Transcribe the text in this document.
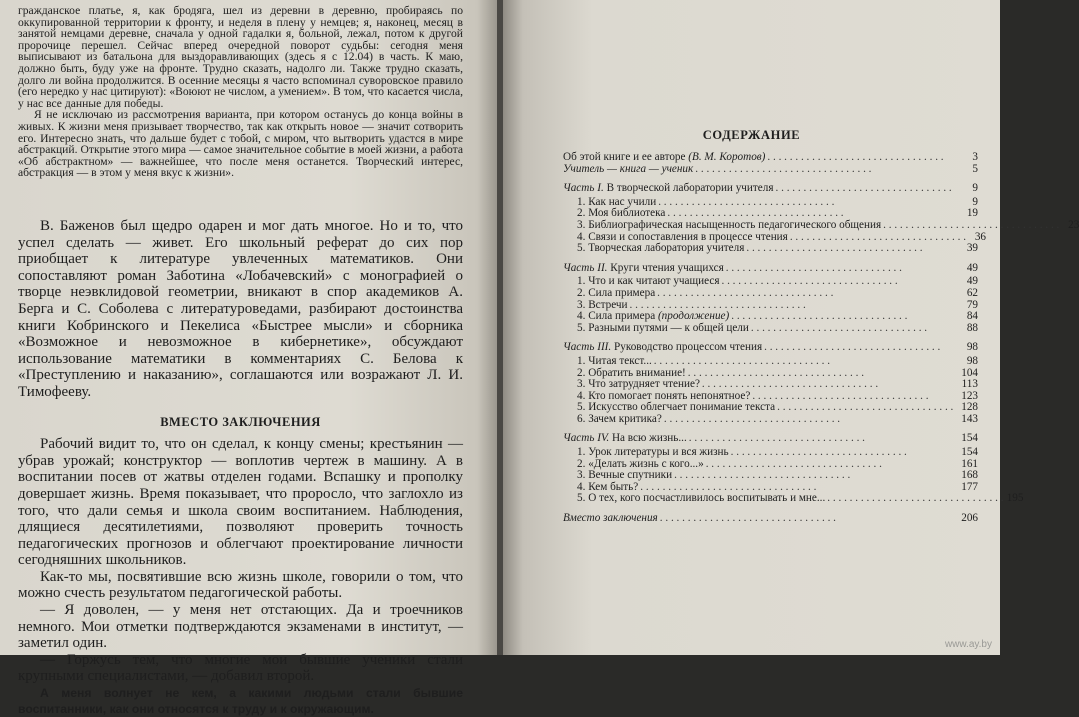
гражданское платье, я, как бродяга, шел из деревни в деревню, пробираясь по оккупированной территории к фронту, и неделя в плену у немцев; я, наконец, месяц в занятой немцами деревне, сначала у одной гадалки я, больной, лежал, потом к другой пророчице перешел. Сейчас вперед очередной поворот судьбы: сегодня меня выписывают из батальона для выздоравливающих (здесь я с 12.04) в часть. К маю, должно быть, буду уже на фронте. Трудно сказать, надолго ли. Также трудно сказать, долго ли война продолжится. В осенние месяцы я часто вспоминал суворовское правило (его нередко у нас цитируют): «Воюют не числом, а умением». В том, что касается числа, у нас все данные для победы.

Я не исключаю из рассмотрения варианта, при котором останусь до конца войны в живых. К жизни меня призывает творчество, так как открыть новое — значит сотворить его. Интересно знать, что дальше будет с тобой, с миром, что вытворить удастся в мире абстракций. Открытие этого мира — самое значительное событие в моей жизни, а работа «Об абстрактном» — важнейшее, что после меня останется. Творческий интерес, абстракция — в этом у меня вкус к жизни».

В. Баженов был щедро одарен и мог дать многое. Но и то, что успел сделать — живет. Его школьный реферат до сих пор приобщает к литературе увлеченных математиков. Они сопоставляют роман Заботина «Лобачевский» с монографией о творце неэвклидовой геометрии, вникают в спор академиков А. Берга и С. Соболева с литературоведами, разбирают достоинства книги Кобринского и Пекелиса «Быстрее мысли» и сборника «Возможное и невозможное в кибернетике», обсуждают использование математики в комментариях С. Белова к «Преступлению и наказанию», соглашаются или возражают Л. И. Тимофееву.

ВМЕСТО ЗАКЛЮЧЕНИЯ

Рабочий видит то, что он сделал, к концу смены; крестьянин — убрав урожай; конструктор — воплотив чертеж в машину. А в воспитании посев от жатвы отделен годами. Вспашку и прополку довершает жизнь. Время показывает, что проросло, что заглохло из того, что дали семья и школа своим воспитанием. Наблюдения, длящиеся десятилетиями, позволяют проверить точность педагогических прогнозов и облегчают проектирование личности сегодняшних школьников.

Как-то мы, посвятившие всю жизнь школе, говорили о том, что можно счесть результатом педагогической работы.

— Я доволен, — у меня нет отстающих. Да и троечников немного. Мои отметки подтверждаются экзаменами в институт, — заметил один.

— Горжусь тем, что многие мои бывшие ученики стали крупными специалистами, — добавил второй.

А меня волнует не кем, а какими людьми стали бывшие воспитанники, как они относятся к труду и к окружающим.

СОДЕРЖАНИЕ
Об этой книге и ее авторе (В. М. Коротов) . .	3
Учитель — книга — ученик . .	5
Часть I. В творческой лаборатории учителя . .	9
1. Как нас учили . .	9
2. Моя библиотека . .	19
3. Библиографическая насыщенность педагогического общения . .	23
4. Связи и сопоставления в процессе чтения . .	36
5. Творческая лаборатория учителя . .	39
Часть II. Круги чтения учащихся . .	49
1. Что и как читают учащиеся . .	49
2. Сила примера . .	62
3. Встречи . .	79
4. Сила примера (продолжение) . .	84
5. Разными путями — к общей цели . .	88
Часть III. Руководство процессом чтения . .	98
1. Читая текст... . .	98
2. Обратить внимание! . .	104
3. Что затрудняет чтение? . .	113
4. Кто помогает понять непонятное? . .	123
5. Искусство облегчает понимание текста . .	128
6. Зачем критика? . .	143
Часть IV. На всю жизнь... . .	154
1. Урок литературы и вся жизнь . .	154
2. «Делать жизнь с кого...» . .	161
3. Вечные спутники . .	168
4. Кем быть? . .	177
5. О тех, кого посчастливилось воспитывать и мне... . .	195
Вместо заключения . .	206
www.ay.by
